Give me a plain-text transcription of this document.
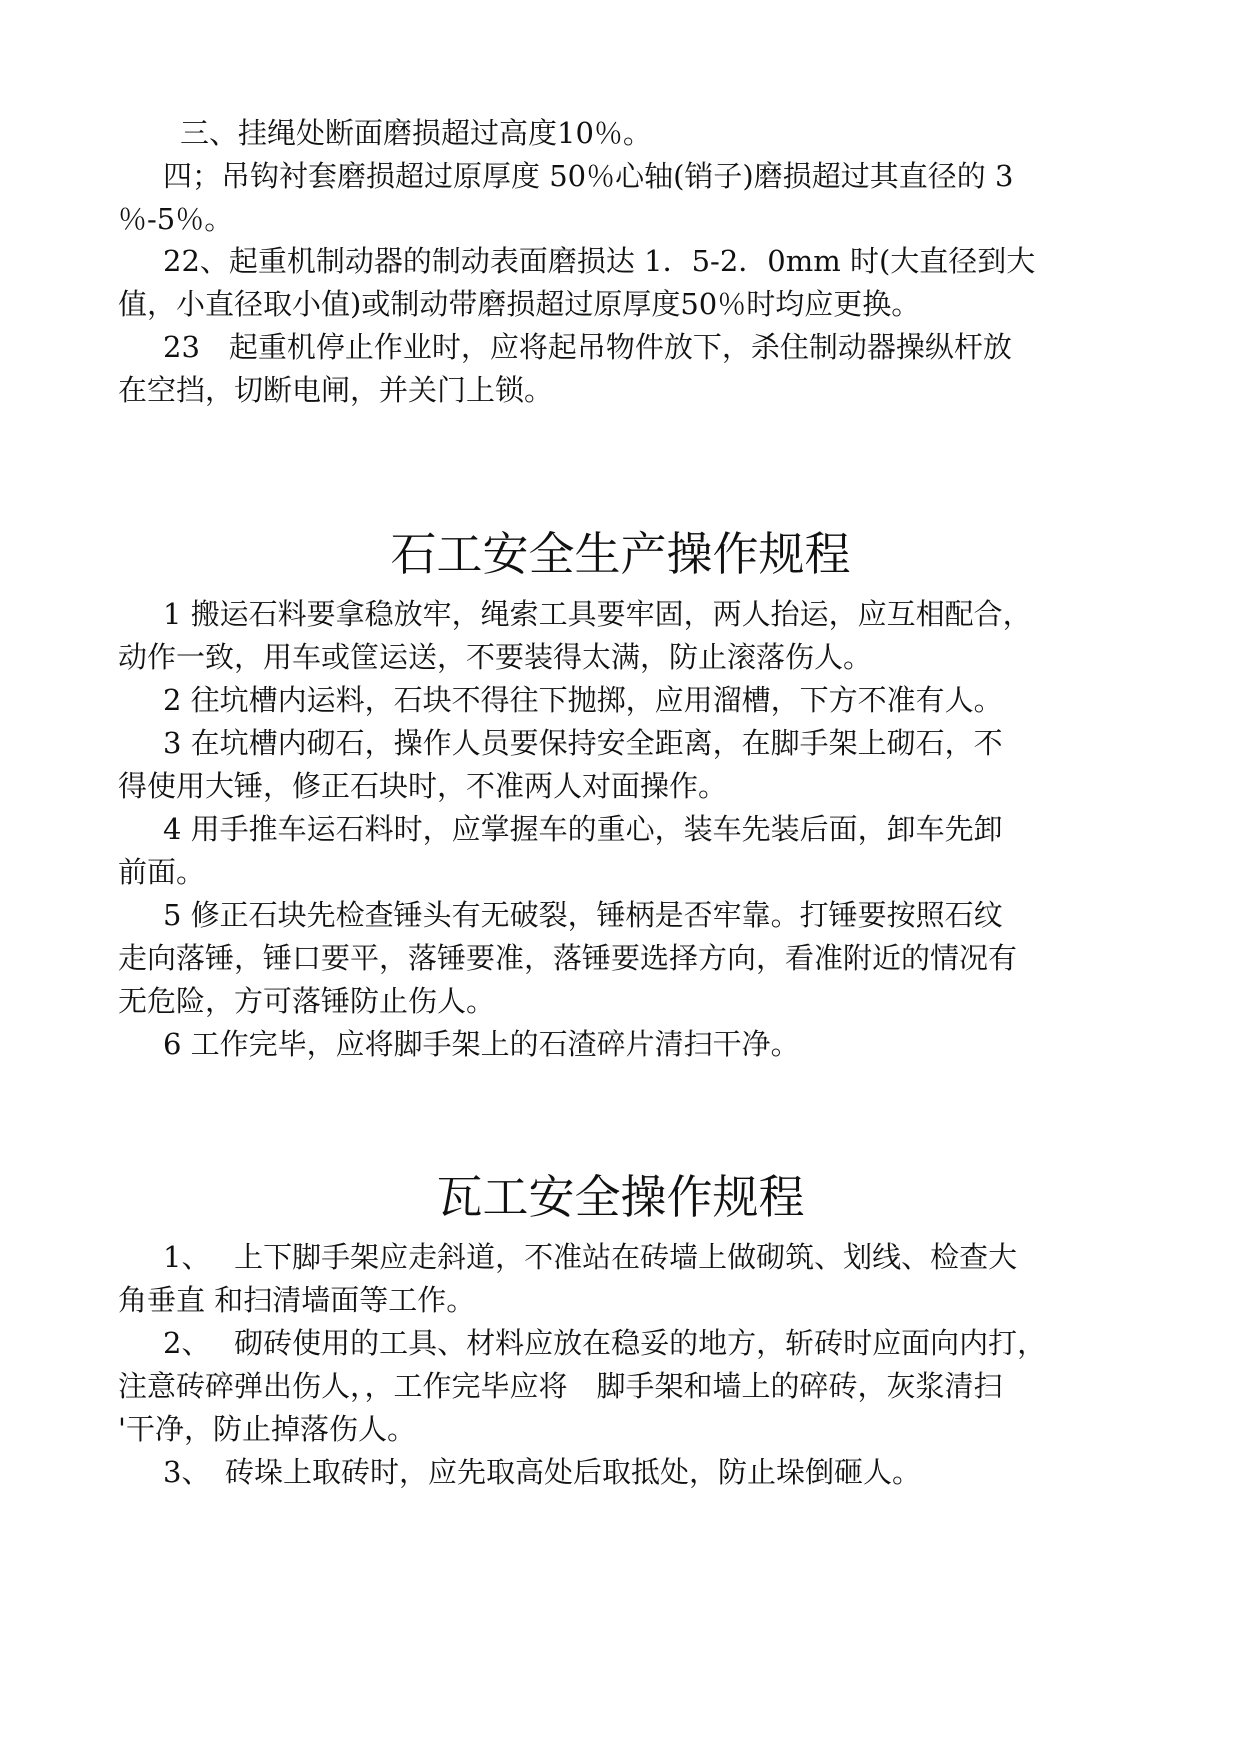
三、挂绳处断面磨损超过高度10％。
四；吊钩衬套磨损超过原厚度 50％心轴(销子)磨损超过其直径的 3
％-5％。
22、起重机制动器的制动表面磨损达 1．5-2．0mm 时(大直径到大
值，小直径取小值)或制动带磨损超过原厚度50％时均应更换。
23　起重机停止作业时，应将起吊物件放下，杀住制动器操纵杆放
在空挡，切断电闸，并关门上锁。
石工安全生产操作规程
1 搬运石料要拿稳放牢，绳索工具要牢固，两人抬运，应互相配合，
动作一致，用车或筐运送，不要装得太满，防止滚落伤人。
2 往坑槽内运料，石块不得往下抛掷，应用溜槽，下方不准有人。
3 在坑槽内砌石，操作人员要保持安全距离，在脚手架上砌石，不
得使用大锤，修正石块时，不准两人对面操作。
4 用手推车运石料时，应掌握车的重心，装车先装后面，卸车先卸
前面。
5 修正石块先检查锤头有无破裂，锤柄是否牢靠。打锤要按照石纹
走向落锤，锤口要平，落锤要准，落锤要选择方向，看准附近的情况有
无危险，方可落锤防止伤人。
6 工作完毕，应将脚手架上的石渣碎片清扫干净。
瓦工安全操作规程
1、　 上下脚手架应走斜道，不准站在砖墙上做砌筑、划线、检查大
角垂直 和扫清墙面等工作。
2、　 砌砖使用的工具、材料应放在稳妥的地方，斩砖时应面向内打，
注意砖碎弹出伤人，，工作完毕应将　脚手架和墙上的碎砖，灰浆清扫
'干净，防止掉落伤人。
3、　砖垛上取砖时，应先取高处后取抵处，防止垛倒砸人。
